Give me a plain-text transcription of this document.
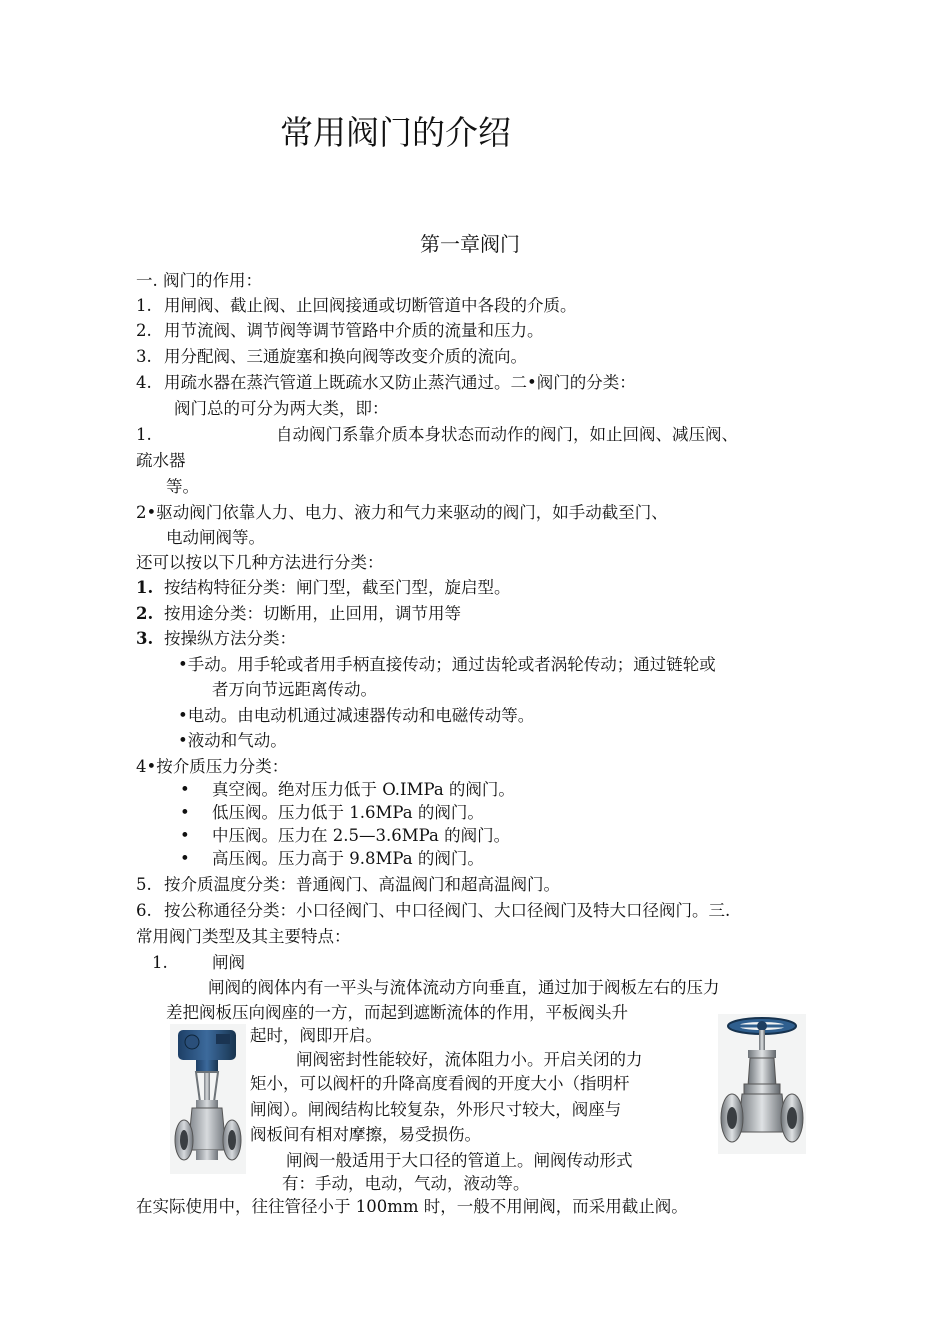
常用阀门的介绍
第一章阀门
一. 阀门的作用：
1. 用闸阀、截止阀、止回阀接通或切断管道中各段的介质。
2. 用节流阀、调节阀等调节管路中介质的流量和压力。
3. 用分配阀、三通旋塞和换向阀等改变介质的流向。
4. 用疏水器在蒸汽管道上既疏水又防止蒸汽通过。二•阀门的分类：
阀门总的可分为两大类，即：
1.	自动阀门系靠介质本身状态而动作的阀门，如止回阀、减压阀、
疏水器
等。
2•驱动阀门依靠人力、电力、液力和气力来驱动的阀门，如手动截至门、
电动闸阀等。
还可以按以下几种方法进行分类：
1. 按结构特征分类：闸门型，截至门型，旋启型。
2. 按用途分类：切断用，止回用，调节用等
3. 按操纵方法分类：
•手动。用手轮或者用手柄直接传动；通过齿轮或者涡轮传动；通过链轮或
者万向节远距离传动。
•电动。由电动机通过减速器传动和电磁传动等。
•液动和气动。
4•按介质压力分类：
• 真空阀。绝对压力低于 O.IMPa 的阀门。
• 低压阀。压力低于 1.6MPa 的阀门。
• 中压阀。压力在 2.5—3.6MPa 的阀门。
• 高压阀。压力高于 9.8MPa 的阀门。
5. 按介质温度分类：普通阀门、高温阀门和超高温阀门。
6. 按公称通径分类：小口径阀门、中口径阀门、大口径阀门及特大口径阀门。三.
常用阀门类型及其主要特点：
1.	闸阀
闸阀的阀体内有一平头与流体流动方向垂直，通过加于阀板左右的压力
差把阀板压向阀座的一方，而起到遮断流体的作用，平板阀头升
起时，阀即开启。
闸阀密封性能较好，流体阻力小。开启关闭的力
矩小，可以阀杆的升降高度看阀的开度大小（指明杆
闸阀）。闸阀结构比较复杂，外形尺寸较大，阀座与
阀板间有相对摩擦，易受损伤。
闸阀一般适用于大口径的管道上。闸阀传动形式
有：手动，电动，气动，液动等。
在实际使用中，往往管径小于 100mm 时，一般不用闸阀，而采用截止阀。
